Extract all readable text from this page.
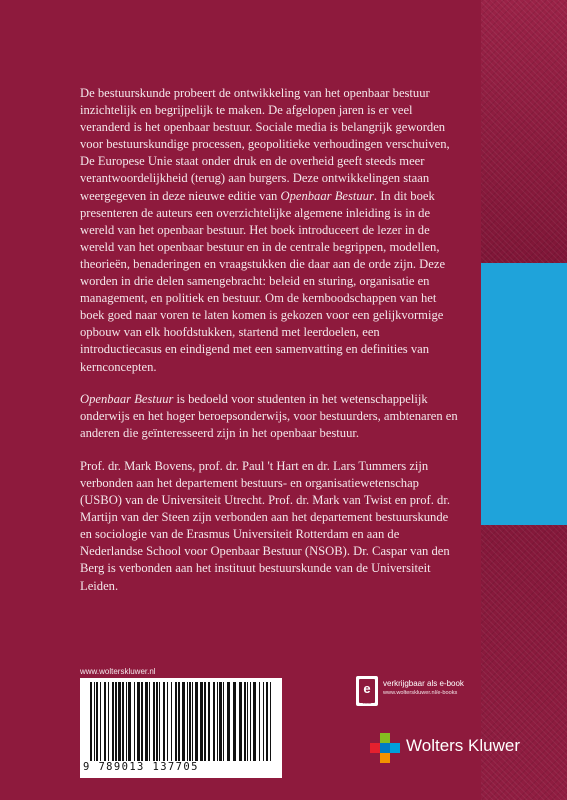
De bestuurskunde probeert de ontwikkeling van het openbaar bestuur inzichtelijk en begrijpelijk te maken. De afgelopen jaren is er veel veranderd is het openbaar bestuur. Sociale media is belangrijk geworden voor bestuurskundige processen, geopolitieke verhoudingen verschuiven, De Europese Unie staat onder druk en de overheid geeft steeds meer verantwoordelijkheid (terug) aan burgers. Deze ontwikkelingen staan weergegeven in deze nieuwe editie van Openbaar Bestuur. In dit boek presenteren de auteurs een overzichtelijke algemene inleiding is in de wereld van het openbaar bestuur. Het boek introduceert de lezer in de wereld van het openbaar bestuur en in de centrale begrippen, modellen, theorieën, benaderingen en vraagstukken die daar aan de orde zijn. Deze worden in drie delen samengebracht: beleid en sturing, organisatie en management, en politiek en bestuur. Om de kernboodschappen van het boek goed naar voren te laten komen is gekozen voor een gelijkvormige opbouw van elk hoofdstukken, startend met leerdoelen, een introductiecasus en eindigend met een samenvatting en definities van kernconcepten.

Openbaar Bestuur is bedoeld voor studenten in het wetenschappelijk onderwijs en het hoger beroepsonderwijs, voor bestuurders, ambtenaren en anderen die geïnteresseerd zijn in het openbaar bestuur.

Prof. dr. Mark Bovens, prof. dr. Paul 't Hart en dr. Lars Tummers zijn verbonden aan het departement bestuurs- en organisatiewetenschap (USBO) van de Universiteit Utrecht. Prof. dr. Mark van Twist en prof. dr. Martijn van der Steen zijn verbonden aan het departement bestuurskunde en sociologie van de Erasmus Universiteit Rotterdam en aan de Nederlandse School voor Openbaar Bestuur (NSOB). Dr. Caspar van den Berg is verbonden aan het instituut bestuurskunde van de Universiteit Leiden.

www.wolterskluwer.nl
9 789013 137705
e
book
verkrijgbaar als e-book
www.wolterskluwer.nl/e-books
Wolters Kluwer
